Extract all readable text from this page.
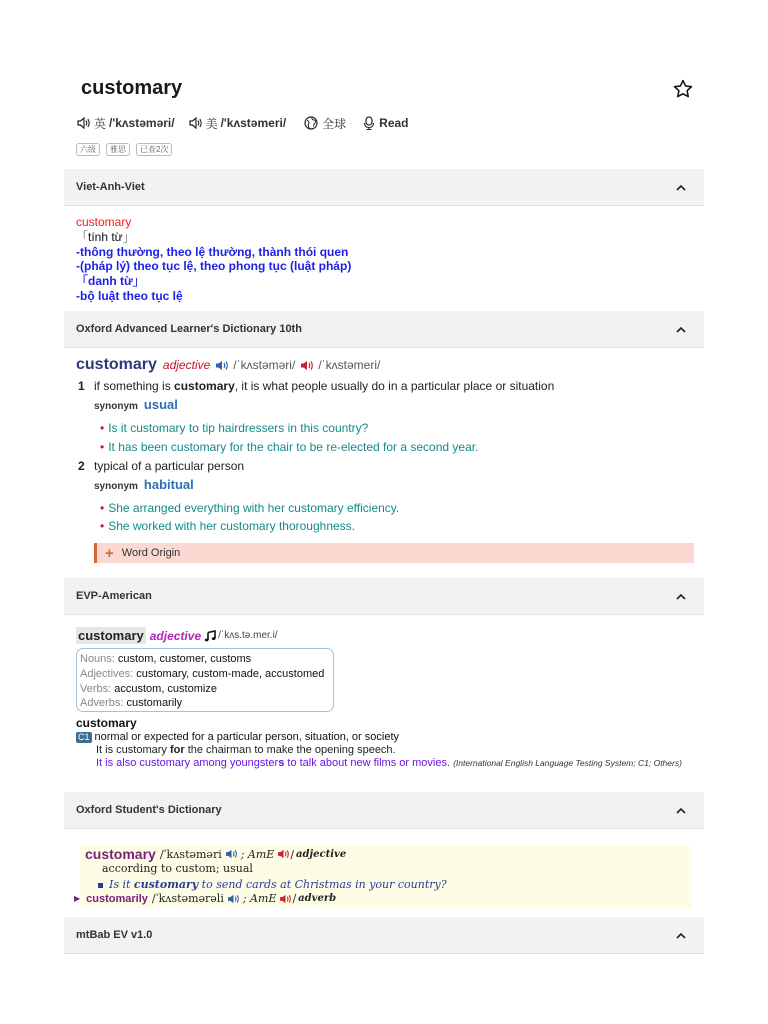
customary
英 /'kʌstəməri/	美 /'kʌstəmeri/	全球	Read
六级	雅思	已查2次
Viet-Anh-Viet
customary
「tính từ」
-thông thường, theo lệ thường, thành thói quen
-(pháp lý) theo tục lệ, theo phong tục (luật pháp)
「danh từ」
-bộ luật theo tục lệ
Oxford Advanced Learner's Dictionary 10th
customary adjective /ˈkʌstəməri/ /ˈkʌstəmeri/
1 if something is customary, it is what people usually do in a particular place or situation
synonym usual
• Is it customary to tip hairdressers in this country?
• It has been customary for the chair to be re-elected for a second year.
2 typical of a particular person
synonym habitual
• She arranged everything with her customary efficiency.
• She worked with her customary thoroughness.
+ Word Origin
EVP-American
customary adjective /ˈkʌs.tə.mer.i/
Nouns: custom, customer, customs
Adjectives: customary, custom-made, accustomed
Verbs: accustom, customize
Adverbs: customarily
customary
C1 normal or expected for a particular person, situation, or society
It is customary for the chairman to make the opening speech.
It is also customary among youngsters to talk about new films or movies. (International English Language Testing System; C1; Others)
Oxford Student's Dictionary
customary /ˈkʌstəməri ; AmE / adjective
according to custom; usual
Is it customary to send cards at Christmas in your country?
▶ customarily /ˈkʌstəmərəli ; AmE / adverb
mtBab EV v1.0
